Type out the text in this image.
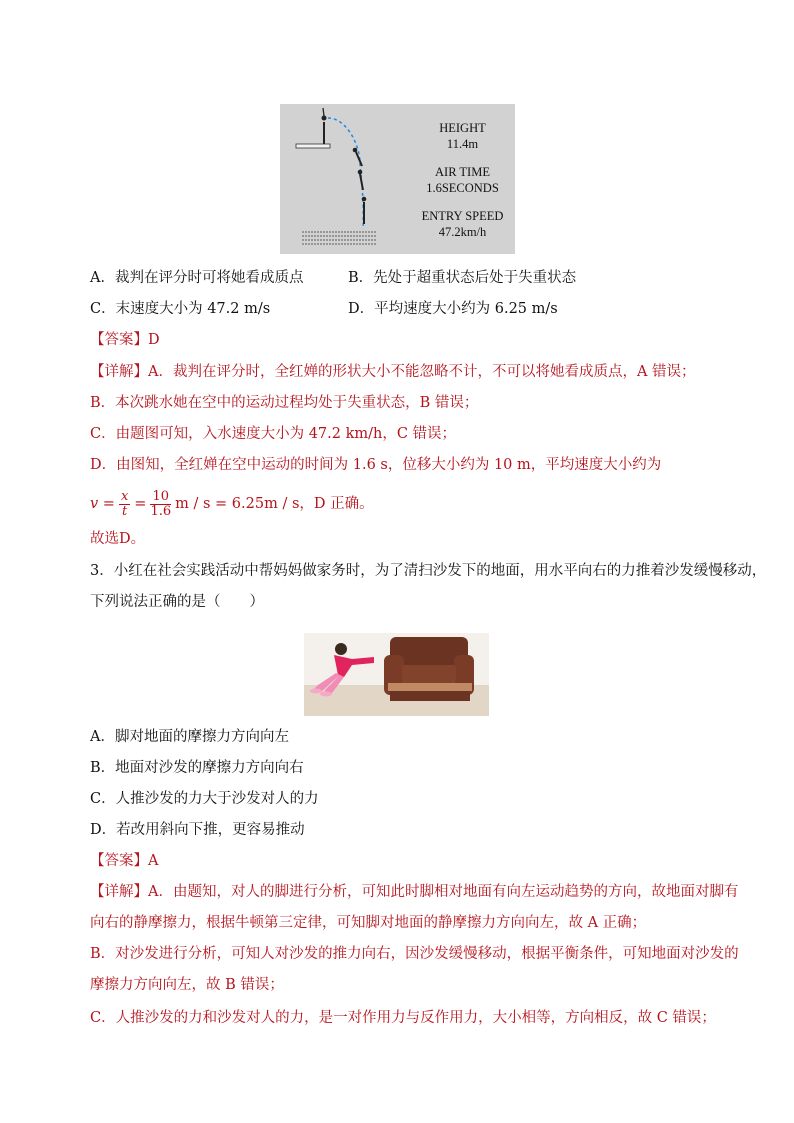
HEIGHT
11.4m
AIR TIME
1.6SECONDS
ENTRY SPEED
47.2km/h
A．裁判在评分时可将她看成质点	B．先处于超重状态后处于失重状态
C．末速度大小为 47.2 m/s	D．平均速度大小约为 6.25 m/s
【答案】D
【详解】A．裁判在评分时，全红婵的形状大小不能忽略不计，不可以将她看成质点，A 错误；
B．本次跳水她在空中的运动过程均处于失重状态，B 错误；
C．由题图可知，入水速度大小为 47.2 km/h，C 错误；
D．由图知，全红婵在空中运动的时间为 1.6 s，位移大小约为 10 m，平均速度大小约为
$v = \frac{x}{t} = \frac{10}{1.6}$ m / s = 6.25m / s，D 正确。
故选D。
3．小红在社会实践活动中帮妈妈做家务时，为了清扫沙发下的地面，用水平向右的力推着沙发缓慢移动，
下列说法正确的是（　　）
A．脚对地面的摩擦力方向向左
B．地面对沙发的摩擦力方向向右
C．人推沙发的力大于沙发对人的力
D．若改用斜向下推，更容易推动
【答案】A
【详解】A．由题知，对人的脚进行分析，可知此时脚相对地面有向左运动趋势的方向，故地面对脚有
向右的静摩擦力，根据牛顿第三定律，可知脚对地面的静摩擦力方向向左，故 A 正确；
B．对沙发进行分析，可知人对沙发的推力向右，因沙发缓慢移动，根据平衡条件，可知地面对沙发的
摩擦力方向向左，故 B 错误；
C．人推沙发的力和沙发对人的力，是一对作用力与反作用力，大小相等，方向相反，故 C 错误；
